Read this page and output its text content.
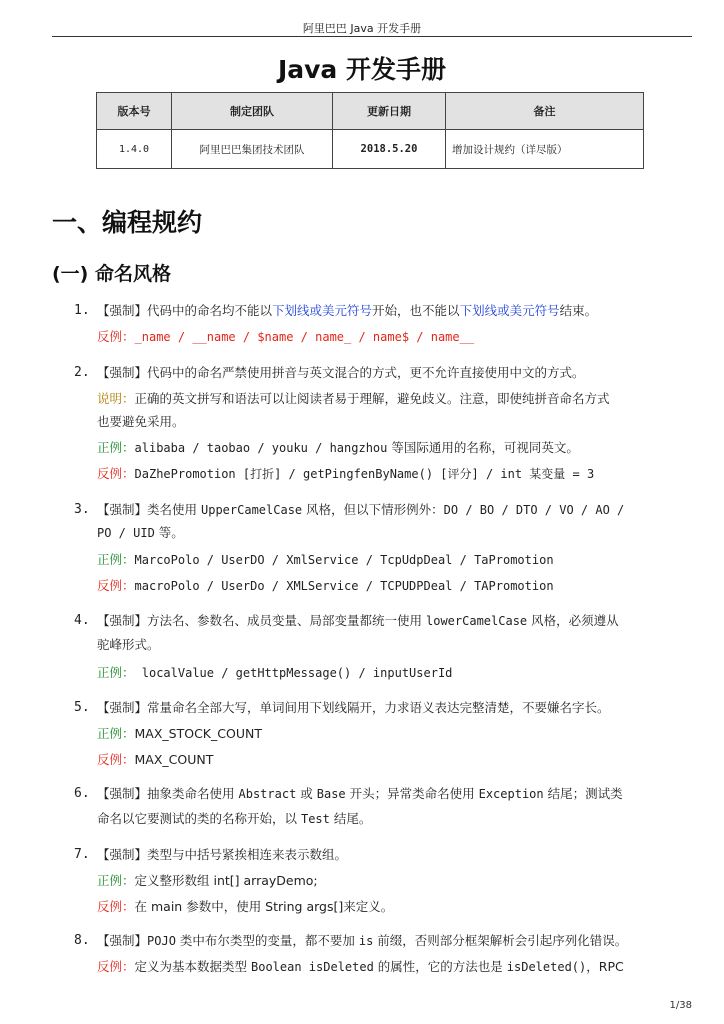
阿里巴巴 Java 开发手册
Java 开发手册
版本号	制定团队	更新日期	备注
1.4.0	阿里巴巴集团技术团队	2018.5.20	增加设计规约（详尽版）
一、编程规约
(一) 命名风格
1. 【强制】代码中的命名均不能以下划线或美元符号开始，也不能以下划线或美元符号结束。
反例：_name / __name / $name / name_ / name$ / name__
2. 【强制】代码中的命名严禁使用拼音与英文混合的方式，更不允许直接使用中文的方式。
说明：正确的英文拼写和语法可以让阅读者易于理解，避免歧义。注意，即使纯拼音命名方式
也要避免采用。
正例：alibaba / taobao / youku / hangzhou 等国际通用的名称，可视同英文。
反例：DaZhePromotion [打折] / getPingfenByName() [评分] / int 某变量 = 3
3. 【强制】类名使用 UpperCamelCase 风格，但以下情形例外：DO / BO / DTO / VO / AO /
PO / UID 等。
正例：MarcoPolo / UserDO / XmlService / TcpUdpDeal / TaPromotion
反例：macroPolo / UserDo / XMLService / TCPUDPDeal / TAPromotion
4. 【强制】方法名、参数名、成员变量、局部变量都统一使用 lowerCamelCase 风格，必须遵从
驼峰形式。
正例： localValue / getHttpMessage() / inputUserId
5. 【强制】常量命名全部大写，单词间用下划线隔开，力求语义表达完整清楚，不要嫌名字长。
正例：MAX_STOCK_COUNT
反例：MAX_COUNT
6. 【强制】抽象类命名使用 Abstract 或 Base 开头；异常类命名使用 Exception 结尾；测试类
命名以它要测试的类的名称开始，以 Test 结尾。
7. 【强制】类型与中括号紧挨相连来表示数组。
正例：定义整形数组 int[] arrayDemo;
反例：在 main 参数中，使用 String args[]来定义。
8. 【强制】POJO 类中布尔类型的变量，都不要加 is 前缀，否则部分框架解析会引起序列化错误。
反例：定义为基本数据类型 Boolean isDeleted 的属性，它的方法也是 isDeleted()，RPC
1/38
